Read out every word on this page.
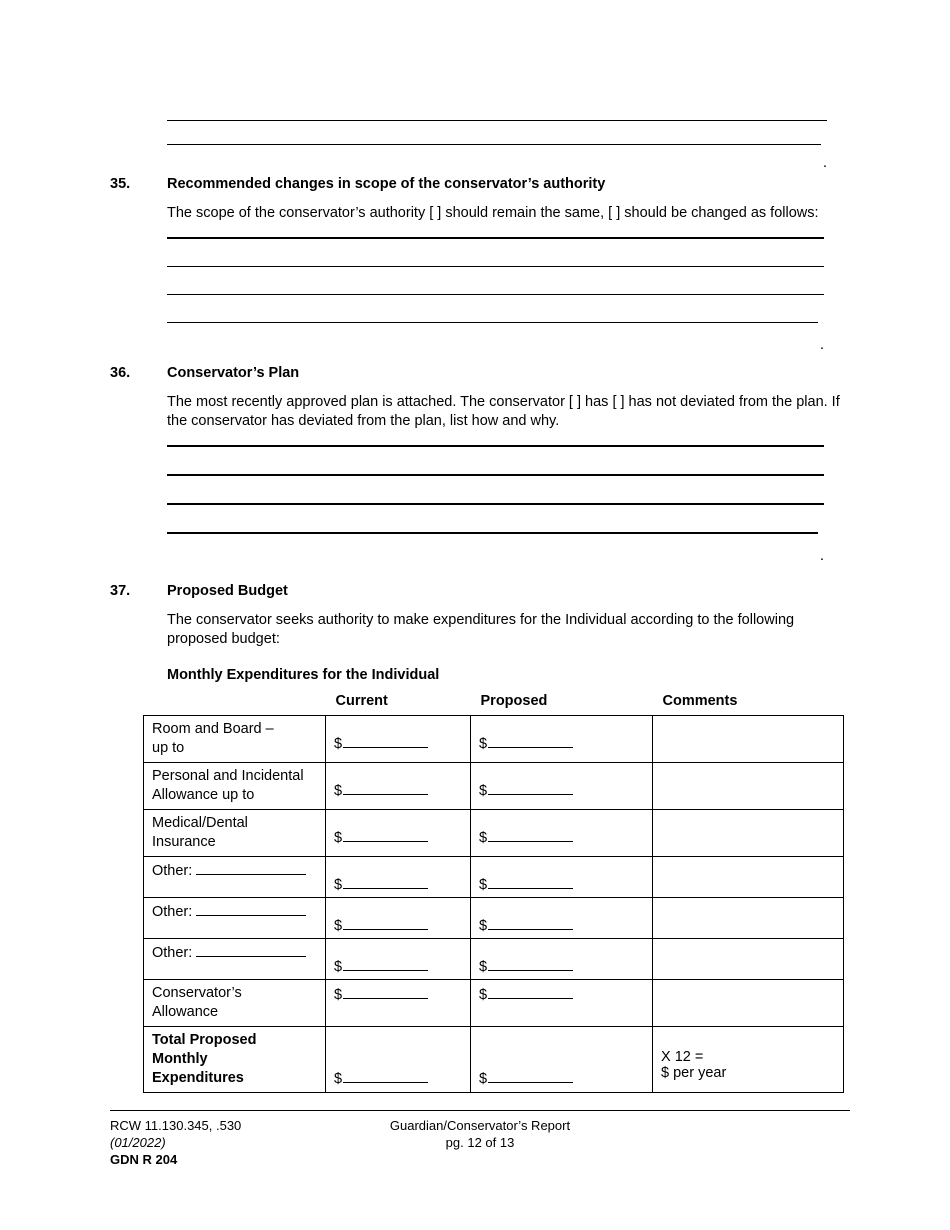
.
35.	Recommended changes in scope of the conservator’s authority
The scope of the conservator’s authority [ ] should remain the same, [ ] should be changed as follows:
.
36.	Conservator’s Plan
The most recently approved plan is attached. The conservator [ ] has [ ] has not deviated from the plan. If the conservator has deviated from the plan, list how and why.
.
37.	Proposed Budget
The conservator seeks authority to make expenditures for the Individual according to the following proposed budget:
Monthly Expenditures for the Individual
	Current	Proposed	Comments
Room and Board –
up to	$	$	

Personal and Incidental
Allowance up to	$	$	

Medical/Dental
Insurance	$	$	

Other:	$	$	

Other:	$	$	

Other:	$	$	

Conservator’s
Allowance	$	$	

Total Proposed
Monthly
Expenditures	$	$	X 12 =
$ per year
RCW 11.130.345, .530
(01/2022)
GDN R 204
Guardian/Conservator’s Report
pg. 12 of 13
